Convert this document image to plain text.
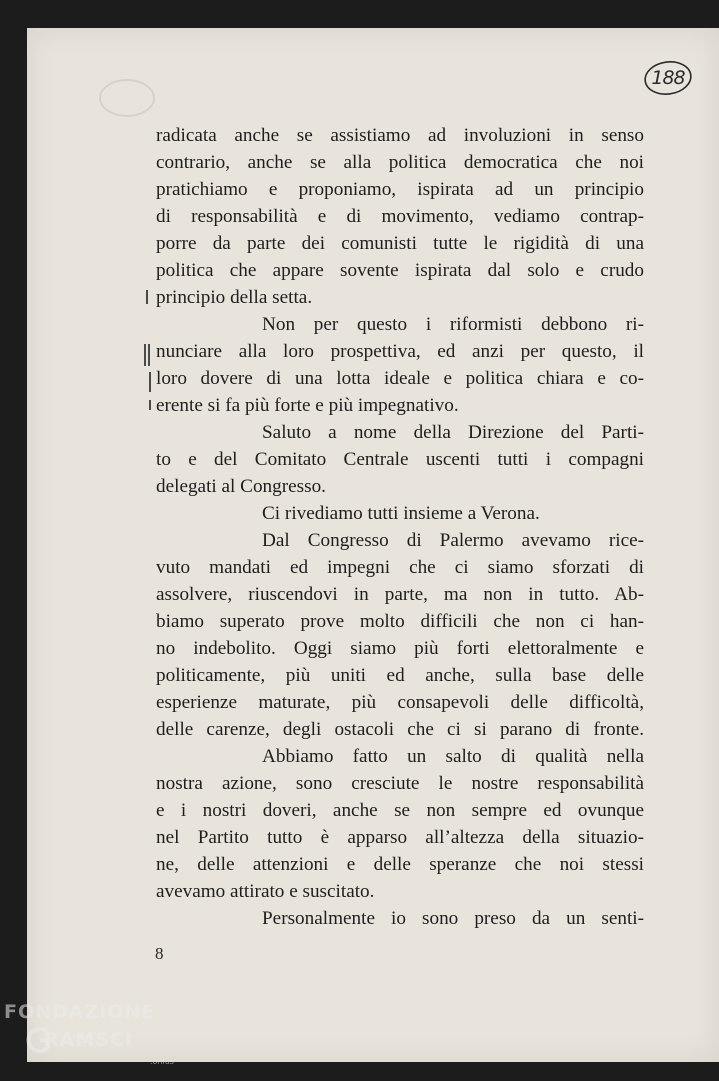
188
radicata anche se assistiamo ad involuzioni in senso
contrario, anche se alla politica democratica che noi
pratichiamo e proponiamo, ispirata ad un principio
di responsabilità e di movimento, vediamo contrap-
porre da parte dei comunisti tutte le rigidità di una
politica che appare sovente ispirata dal solo e crudo
principio della setta.
Non per questo i riformisti debbono ri-
nunciare alla loro prospettiva, ed anzi per questo, il
loro dovere di una lotta ideale e politica chiara e co-
erente si fa più forte e più impegnativo.
Saluto a nome della Direzione del Parti-
to e del Comitato Centrale uscenti tutti i compagni
delegati al Congresso.
Ci rivediamo tutti insieme a Verona.
Dal Congresso di Palermo avevamo rice-
vuto mandati ed impegni che ci siamo sforzati di
assolvere, riuscendovi in parte, ma non in tutto. Ab-
biamo superato prove molto difficili che non ci han-
no indebolito. Oggi siamo più forti elettoralmente e
politicamente, più uniti ed anche, sulla base delle
esperienze maturate, più consapevoli delle difficoltà,
delle carenze, degli ostacoli che ci si parano di fronte.
Abbiamo fatto un salto di qualità nella
nostra azione, sono cresciute le nostre responsabilità
e i nostri doveri, anche se non sempre ed ovunque
nel Partito tutto è apparso all’altezza della situazio-
ne, delle attenzioni e delle speranze che noi stessi
avevamo attirato e suscitato.
Personalmente io sono preso da un senti-
8
FONDAZIONE
RAMSCI
.onlus
